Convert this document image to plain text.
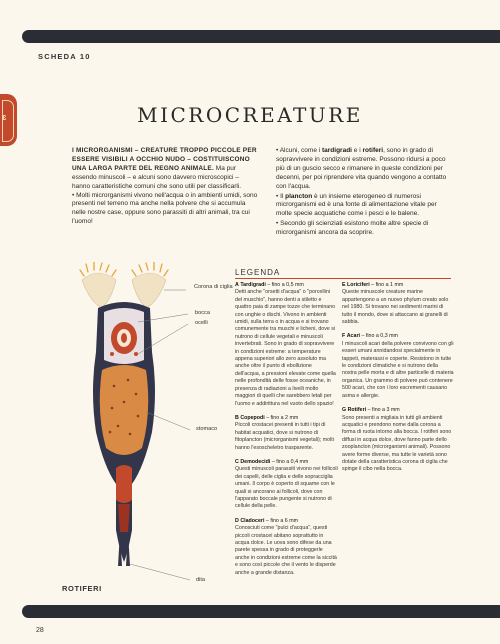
SCHEDA 10
ɛ	MICROCREATURE

I MICRORGANISMI – CREATURE TROPPO PICCOLE PER ESSERE VISIBILI A OCCHIO NUDO – COSTITUISCONO UNA LARGA PARTE DEL REGNO ANIMALE. Ma pur essendo minuscoli – e alcuni sono davvero microscopici – hanno caratteristiche comuni che sono utili per classificarli.

• Molti microrganismi vivono nell'acqua o in ambienti umidi, sono presenti nel terreno ma anche nella polvere che si accumula nelle nostre case, oppure sono parassiti di altri animali, tra cui l'uomo!

• Alcuni, come i tardigradi e i rotiferi, sono in grado di sopravvivere in condizioni estreme. Possono ridursi a poco più di un guscio secco e rimanere in queste condizioni per decenni, per poi riprendere vita quando vengono a contatto con l'acqua.

• Il plancton è un insieme eterogeneo di numerosi microrganismi ed è una fonte di alimentazione vitale per molte specie acquatiche come i pesci e le balene.

• Secondo gli scienziati esistono molte altre specie di microrganismi ancora da scoprire.

Corona di ciglia
bocca
ocelli
stomaco
dita
ROTIFERI
LEGENDA
A Tardigradi – fino a 0,5 mm
Detti anche "orsetti d'acqua" o "porcellini del muschio", hanno denti a stiletto e quattro paia di zampe tozze che terminano con unghie o dischi. Vivono in ambienti umidi, sulla terra o in acqua e si trovano comunemente tra muschi e licheni, dove si nutrono di cellule vegetali e minuscoli invertebrati. Sono in grado di sopravvivere in condizioni estreme: a temperature appena superiori allo zero assoluto ma anche oltre il punto di ebollizione dell'acqua, a pressioni elevate come quella nelle profondità delle fosse oceaniche, in presenza di radiazioni a livelli molto maggiori di quelli che sarebbero letali per l'uomo e addirittura nel vuoto dello spazio!
B Copepodi – fino a 2 mm
Piccoli crostacei presenti in tutti i tipi di habitat acquatici, dove si nutrono di fitoplancton (microrganismi vegetali); molti hanno l'esoscheletro trasparente.
C Demodecidi – fino a 0,4 mm
Questi minuscoli parassiti vivono nei follicoli dei capelli, delle ciglia e delle sopracciglia umani. Il corpo è coperto di squame con le quali si ancorano ai follicoli, dove con l'apparato boccale pungente si nutrono di cellule della pelle.
D Cladoceri – fino a 6 mm
Conosciuti come "pulci d'acqua", questi piccoli crostacei abitano soprattutto in acqua dolce. Le uova sono difese da una parete spessa in grado di proteggerle anche in condizioni estreme come la siccità e sono così piccole che il vento le disperde anche a grande distanza.
E Loriciferi – fino a 1 mm
Queste minuscole creature marine appartengono a un nuovo phylum creato solo nel 1980. Si trovano nei sedimenti marini di tutto il mondo, dove si attaccano ai granelli di sabbia.
F Acari – fino a 0,3 mm
I minuscoli acari della polvere convivono con gli esseri umani annidandosi specialmente in tappeti, materassi e coperte. Resistono in tutte le condizioni climatiche e si nutrono della nostra pelle morta e di altre particelle di materia organica. Un grammo di polvere può contenere 500 acari, che con i loro escrementi causano asma e allergie.
G Rotiferi – fino a 3 mm
Sono presenti a migliaia in tutti gli ambienti acquatici e prendono nome dalla corona a forma di ruota intorno alla bocca. I rotiferi sono diffusi in acqua dolce, dove fanno parte dello zooplancton (microrganismi animali). Possono avere forme diverse, ma tutte le varietà sono dotate della caratteristica corona di ciglia che spinge il cibo nella bocca.
28
